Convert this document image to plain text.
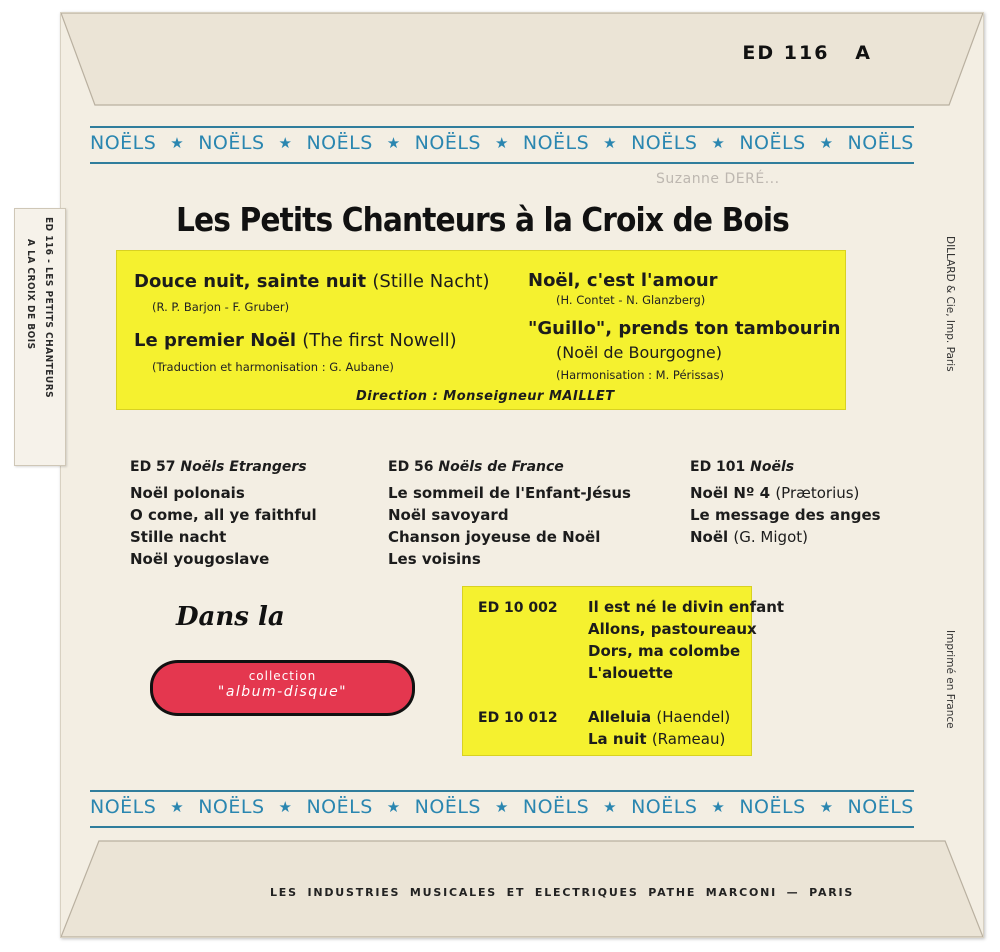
ED 116 - LES PETITS CHANTEURS
A LA CROIX DE BOIS
ED 116   A
NOËLS ★ NOËLS ★ NOËLS ★ NOËLS ★ NOËLS ★ NOËLS ★ NOËLS ★ NOËLS
Suzanne DERÉ...
Les Petits Chanteurs à la Croix de Bois
Douce nuit, sainte nuit (Stille Nacht)
(R. P. Barjon - F. Gruber)
Le premier Noël (The first Nowell)
(Traduction et harmonisation : G. Aubane)
Noël, c'est l'amour
(H. Contet - N. Glanzberg)
"Guillo", prends ton tambourin
(Noël de Bourgogne)
(Harmonisation : M. Périssas)
Direction : Monseigneur MAILLET
ED 57 Noëls Etrangers
Noël polonais
O come, all ye faithful
Stille nacht
Noël yougoslave
ED 56 Noëls de France
Le sommeil de l'Enfant-Jésus
Noël savoyard
Chanson joyeuse de Noël
Les voisins
ED 101 Noëls
Noël Nº 4 (Prætorius)
Le message des anges
Noël (G. Migot)
Dans la
collection
"album-disque"
ED 10 002 Il est né le divin enfant
Allons, pastoureaux
Dors, ma colombe
L'alouette
ED 10 012 Alleluia (Haendel)
La nuit (Rameau)
NOËLS ★ NOËLS ★ NOËLS ★ NOËLS ★ NOËLS ★ NOËLS ★ NOËLS ★ NOËLS
DILLARD & Cie, Imp. Paris
Imprimé en France
LES INDUSTRIES MUSICALES ET ELECTRIQUES PATHE MARCONI — PARIS
